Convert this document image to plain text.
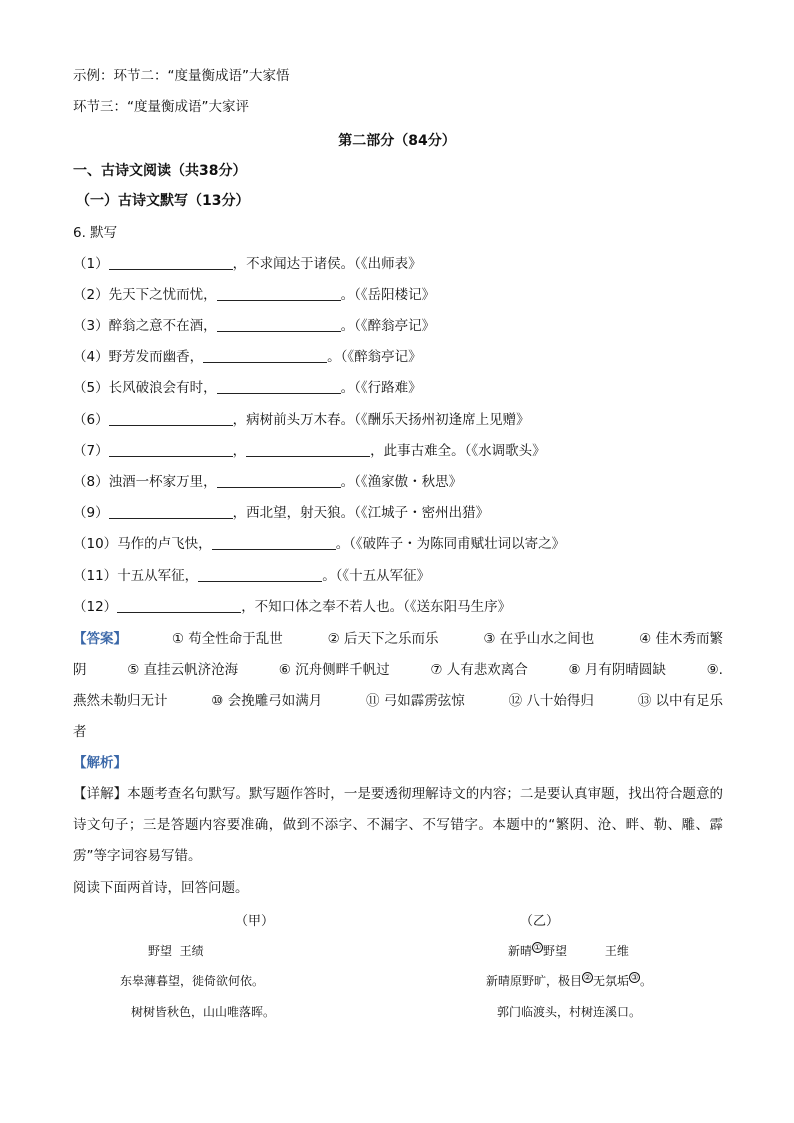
示例：环节二：“度量衡成语”大家悟
环节三：“度量衡成语”大家评
第二部分（84分）
一、古诗文阅读（共38分）
（一）古诗文默写（13分）
6. 默写
（1）	，不求闻达于诸侯。（《出师表》
（2）先天下之忧而忧，	。（《岳阳楼记》
（3）醉翁之意不在酒，	。（《醉翁亭记》
（4）野芳发而幽香，	。（《醉翁亭记》
（5）长风破浪会有时，	。（《行路难》
（6）	，病树前头万木春。（《酬乐天扬州初逢席上见赠》
（7）	，	，此事古难全。（《水调歌头》
（8）浊酒一杯家万里，	。（《渔家傲・秋思》
（9）	，西北望，射天狼。（《江城子・密州出猎》
（10）马作的卢飞快，	。（《破阵子・为陈同甫赋壮词以寄之》
（11）十五从军征，	。（《十五从军征》
（12）	，不知口体之奉不若人也。（《送东阳马生序》
【答案】	① 苟全性命于乱世	② 后天下之乐而乐	③ 在乎山水之间也	④ 佳木秀而繁
阴	⑤ 直挂云帆济沧海	⑥ 沉舟侧畔千帆过	⑦ 人有悲欢离合	⑧ 月有阴晴圆缺	⑨.
燕然未勒归无计	⑩ 会挽雕弓如满月	⑪ 弓如霹雳弦惊	⑫ 八十始得归	⑬ 以中有足乐
者
【解析】
【详解】本题考查名句默写。默写题作答时，一是要透彻理解诗文的内容；二是要认真审题，找出符合题意的诗文句子；三是答题内容要准确，做到不添字、不漏字、不写错字。本题中的“繁阴、沧、畔、勒、雕、霹雳”等字词容易写错。
阅读下面两首诗，回答问题。
（甲）	（乙）
野望 王绩
东皋薄暮望，徙倚欲何依。
树树皆秋色，山山唯落晖。
新晴 ① 野望	王维
新晴原野旷，极目 ② 无氛垢 ③ 。
郭门临渡头，村树连溪口。
